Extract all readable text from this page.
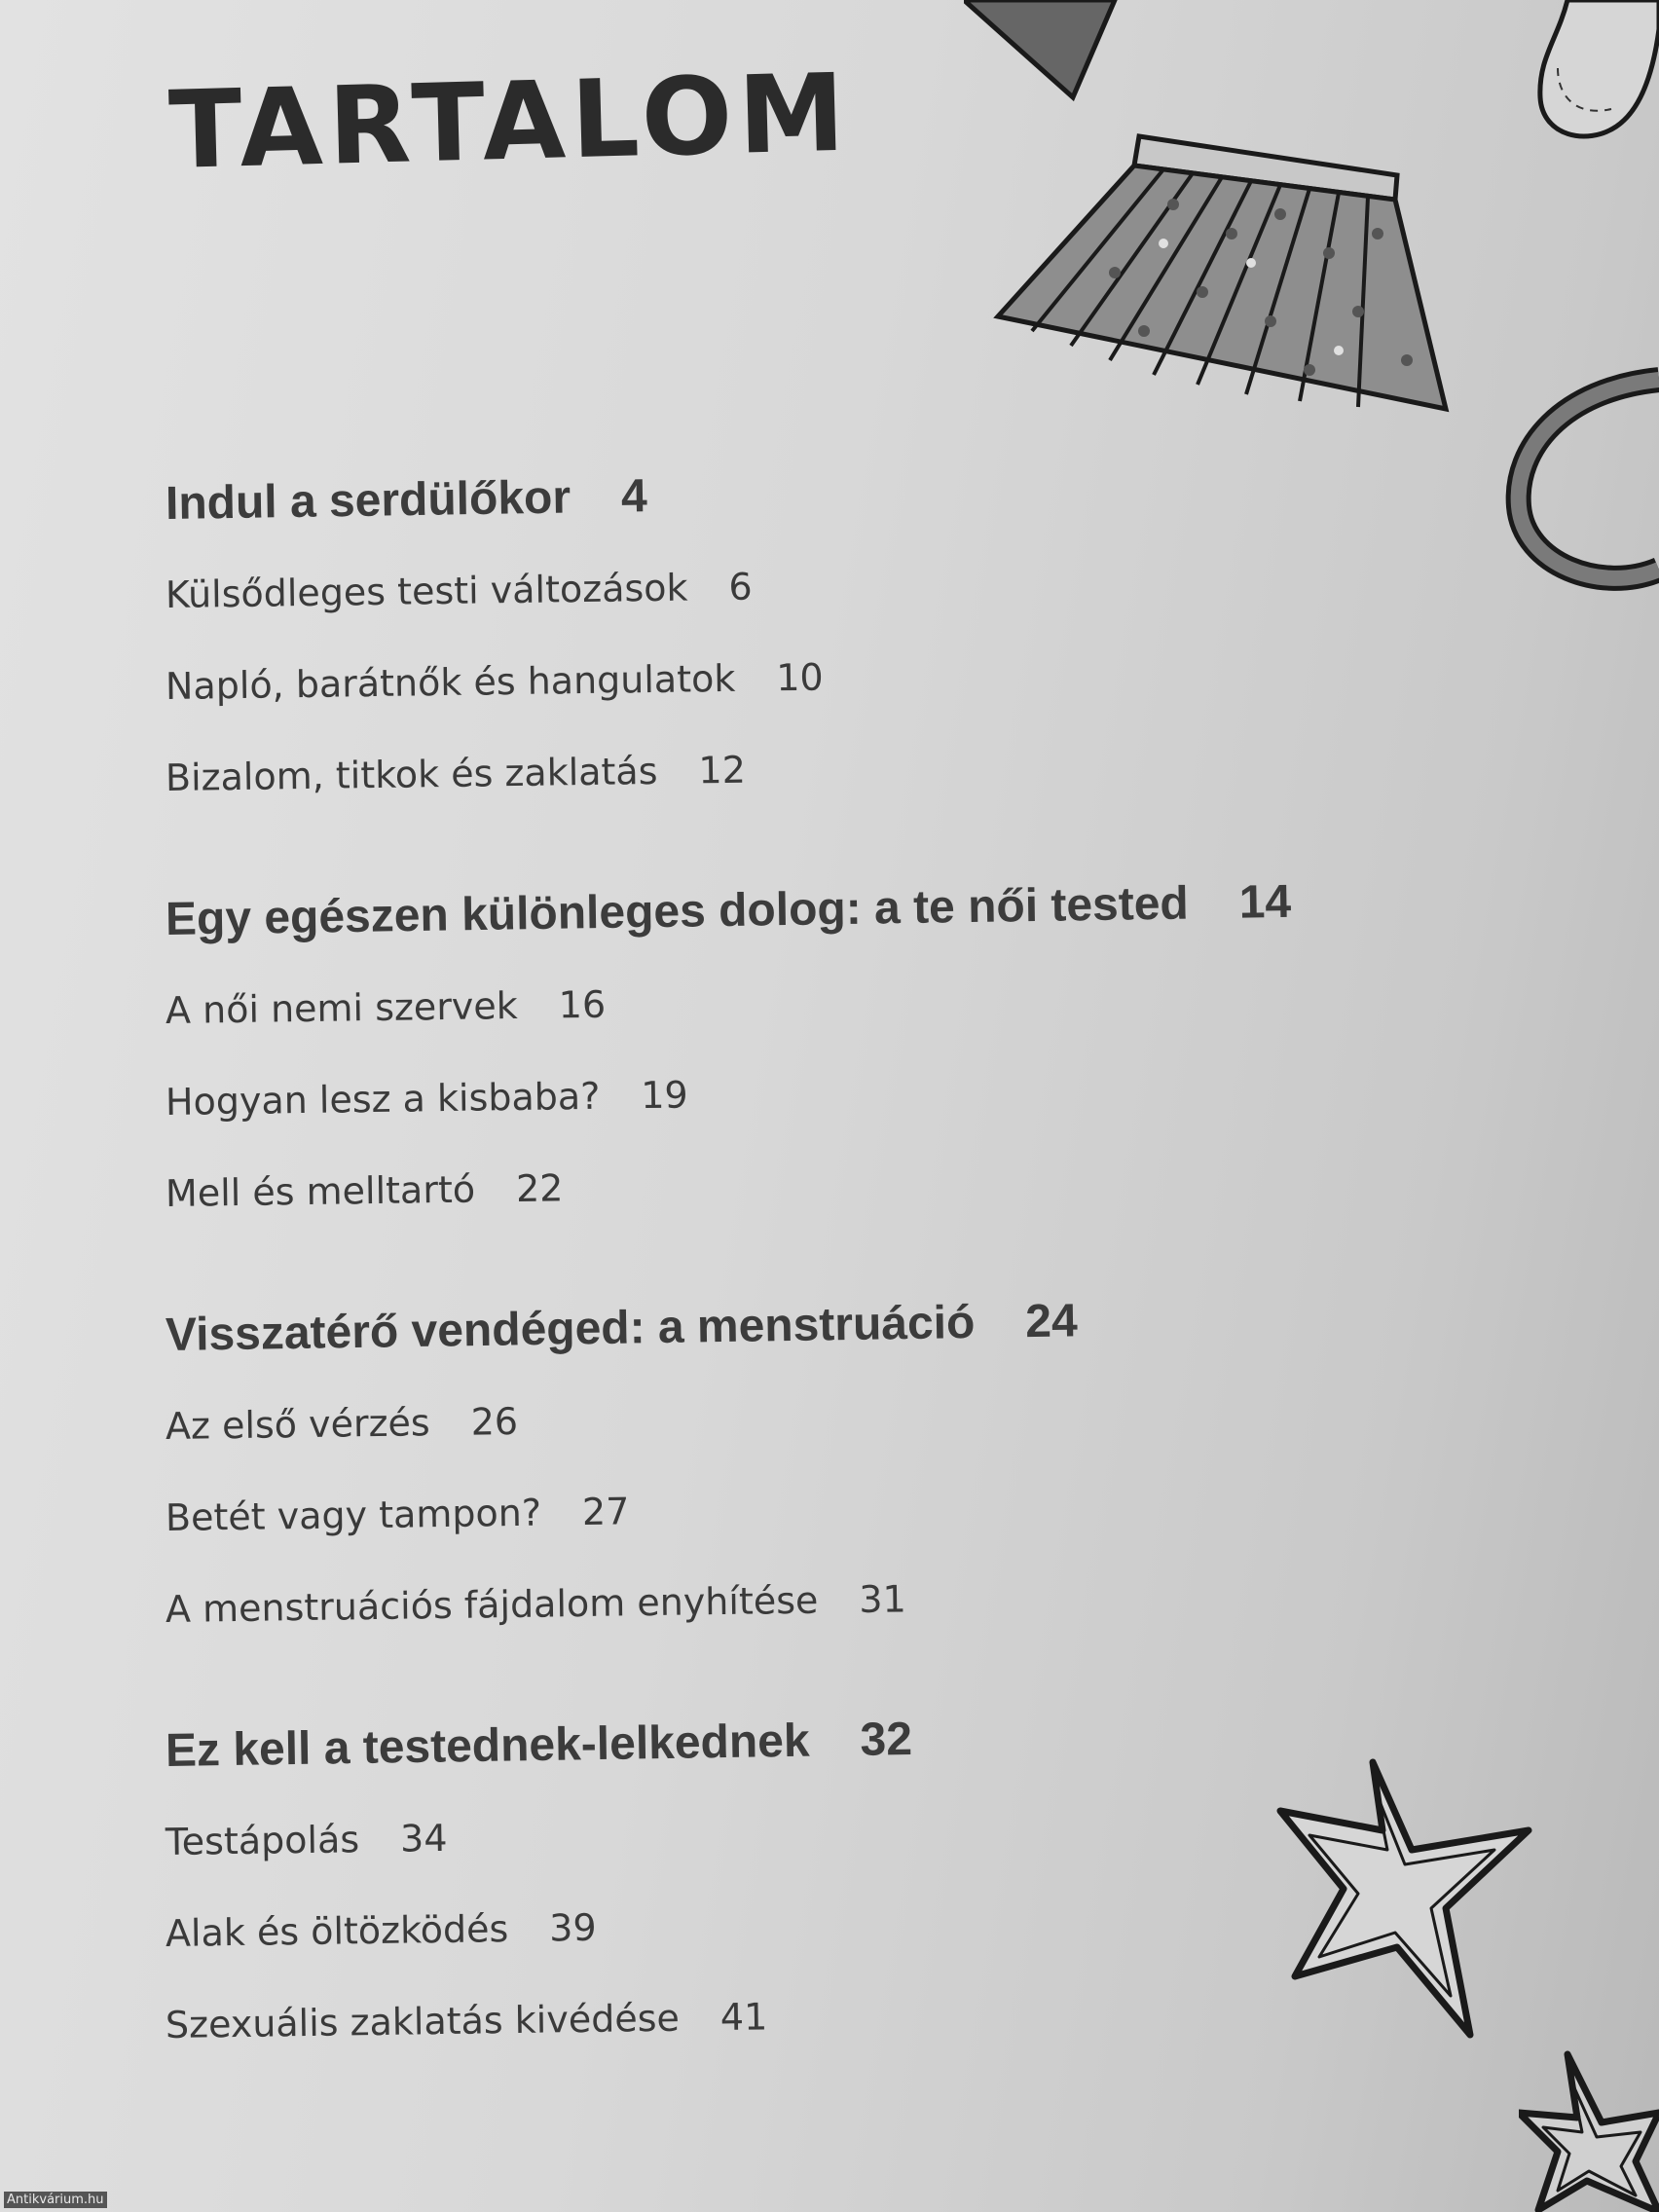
TARTALOM
Indul a serdülőkor 4
Külsődleges testi változások 6
Napló, barátnők és hangulatok 10
Bizalom, titkok és zaklatás 12
Egy egészen különleges dolog: a te női tested 14
A női nemi szervek 16
Hogyan lesz a kisbaba? 19
Mell és melltartó 22
Visszatérő vendéged: a menstruáció 24
Az első vérzés 26
Betét vagy tampon? 27
A menstruációs fájdalom enyhítése 31
Ez kell a testednek-lelkednek 32
Testápolás 34
Alak és öltözködés 39
Szexuális zaklatás kivédése 41
Antikvárium.hu
